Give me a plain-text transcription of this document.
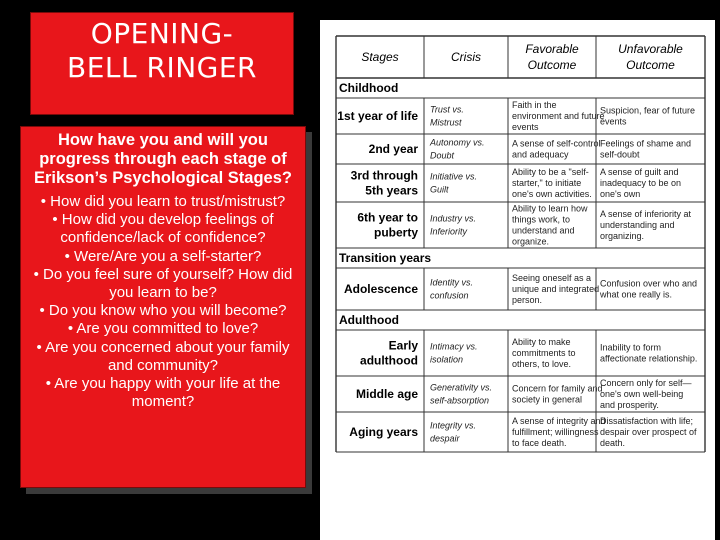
OPENING-
BELL RINGER
How have you and will you progress through each stage of Erikson’s Psychological Stages?
• How did you learn to trust/mistrust?
• How did you develop feelings of confidence/lack of confidence?
• Were/Are you a self-starter?
• Do you feel sure of yourself? How did you learn to be?
• Do you know who you will become?
• Are you committed to love?
• Are you concerned about your family and community?
• Are you happy with your life at the moment?
Stages	Crisis
Favorable
Outcome
Unfavorable
Outcome
Childhood
1st year of life Trust vs.
Mistrust
Faith in the
environment and future
events
Suspicion, fear of future
events
2nd year Autonomy vs.
Doubt
A sense of self-control
and adequacy
Feelings of shame and
self-doubt
3rd through
5th years
Initiative vs.
Guilt
Ability to be a "self-
starter," to initiate
one's own activities.
A sense of guilt and
inadequacy to be on
one's own
6th year to
puberty
Industry vs.
Inferiority
Ability to learn how
things work, to
understand and
organize.
A sense of inferiority at
understanding and
organizing.
Transition years
Adolescence Identity vs.
confusion
Seeing oneself as a
unique and integrated
person.
Confusion over who and
what one really is.
Adulthood
Early
adulthood
Intimacy vs.
isolation
Ability to make
commitments to
others, to love.
Inability to form
affectionate relationship.
Middle age Generativity vs.
self-absorption
Concern for family and
society in general
Concern only for self—
one's own well-being
and prosperity.
Aging years Integrity vs.
despair
A sense of integrity and
fulfillment; willingness
to face death.
Dissatisfaction with life;
despair over prospect of
death.
